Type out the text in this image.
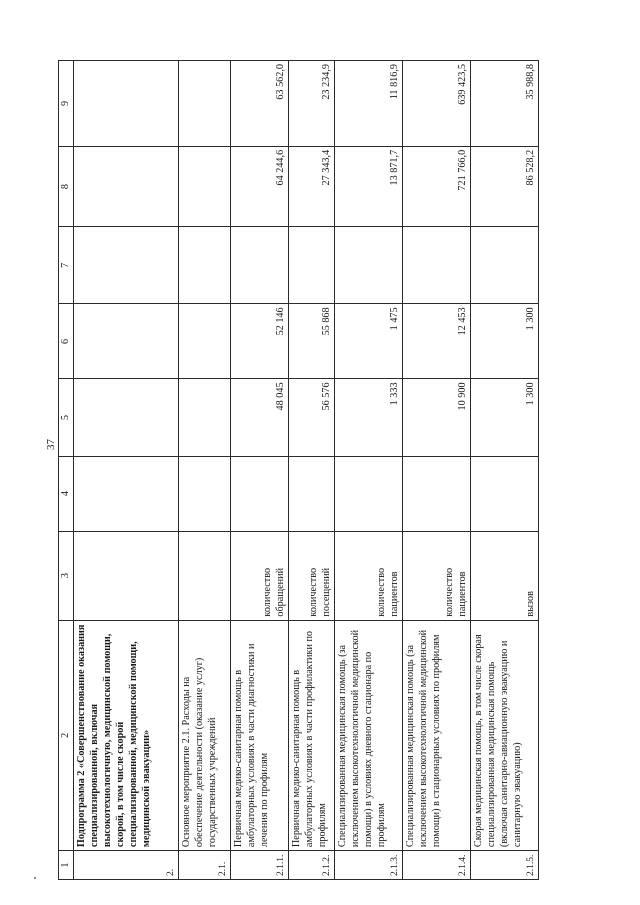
37
1	2	3	4	5	6	7	8	9
2.	Подпрограмма 2 «Совершенствование оказания специализированной, включая высокотехнологичную, медицинской помощи, скорой, в том числе скорой специализированной, медицинской помощи, медицинской эвакуации»							
2.1.	Основное мероприятие 2.1. Расходы на обеспечение деятельности (оказание услуг) государственных учреждений							
2.1.1.	Первичная медико-санитарная помощь в амбулаторных условиях в части диагностики и лечения по профилям	количество обращений		48 045	52 146		64 244,6	63 562,0
2.1.2.	Первичная медико-санитарная помощь в амбулаторных условиях в части профилактики по профилям	количество посещений		56 576	55 868		27 343,4	23 234,9
2.1.3.	Специализированная медицинская помощь (за исключением высокотехнологичной медицинской помощи) в условиях дневного стационара по профилям	количество пациентов		1 333	1 475		13 871,7	11 816,9
2.1.4.	Специализированная медицинская помощь (за исключением высокотехнологичной медицинской помощи) в стационарных условиях по профилям	количество пациентов		10 900	12 453		721 766,0	639 423,5
2.1.5.	Скорая медицинская помощь, в том числе скорая специализированная медицинская помощь (включая санитарно-авиационную эвакуацию и санитарную эвакуацию)	вызов		1 300	1 300		86 528,2	35 988,8
